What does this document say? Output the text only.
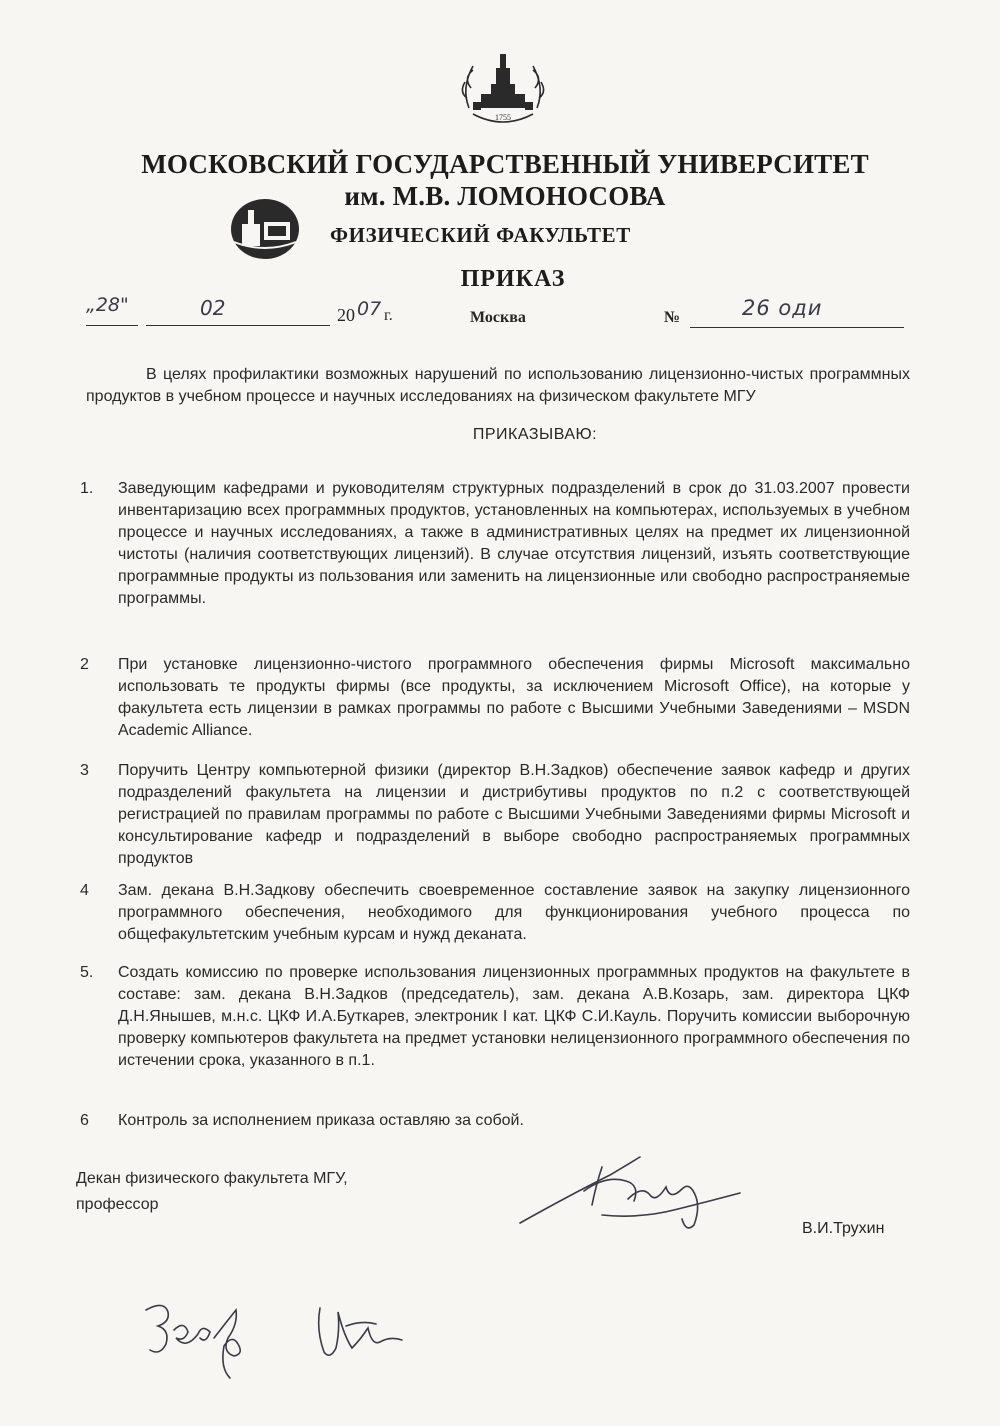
1755
МОСКОВСКИЙ ГОСУДАРСТВЕННЫЙ УНИВЕРСИТЕТ
им. М.В. ЛОМОНОСОВА
ФИЗИЧЕСКИЙ ФАКУЛЬТЕТ
ПРИКАЗ
„28"	02	20 07 г.	Москва	№	26 оди
В целях профилактики возможных нарушений по использованию лицензионно-чистых программных продуктов в учебном процессе и научных исследованиях на физическом факультете МГУ
ПРИКАЗЫВАЮ:
1.	Заведующим кафедрами и руководителям структурных подразделений в срок до 31.03.2007 провести инвентаризацию всех программных продуктов, установленных на компьютерах, используемых в учебном процессе и научных исследованиях, а также в административных целях на предмет их лицензионной чистоты (наличия соответствующих лицензий). В случае отсутствия лицензий, изъять соответствующие программные продукты из пользования или заменить на лицензионные или свободно распространяемые программы.
2	При установке лицензионно-чистого программного обеспечения фирмы Microsoft максимально использовать те продукты фирмы (все продукты, за исключением Microsoft Office), на которые у факультета есть лицензии в рамках программы по работе с Высшими Учебными Заведениями – MSDN Academic Alliance.
3	Поручить Центру компьютерной физики (директор В.Н.Задков) обеспечение заявок кафедр и других подразделений факультета на лицензии и дистрибутивы продуктов по п.2 с соответствующей регистрацией по правилам программы по работе с Высшими Учебными Заведениями фирмы Microsoft и консультирование кафедр и подразделений в выборе свободно распространяемых программных продуктов
4	Зам. декана В.Н.Задкову обеспечить своевременное составление заявок на закупку лицензионного программного обеспечения, необходимого для функционирования учебного процесса по общефакультетским учебным курсам и нужд деканата.
5.	Создать комиссию по проверке использования лицензионных программных продуктов на факультете в составе: зам. декана В.Н.Задков (председатель), зам. декана А.В.Козарь, зам. директора ЦКФ Д.Н.Янышев, м.н.с. ЦКФ И.А.Буткарев, электроник I кат. ЦКФ С.И.Кауль. Поручить комиссии выборочную проверку компьютеров факультета на предмет установки нелицензионного программного обеспечения по истечении срока, указанного в п.1.
6	Контроль за исполнением приказа оставляю за собой.
Декан физического факультета МГУ,
профессор
В.И.Трухин
